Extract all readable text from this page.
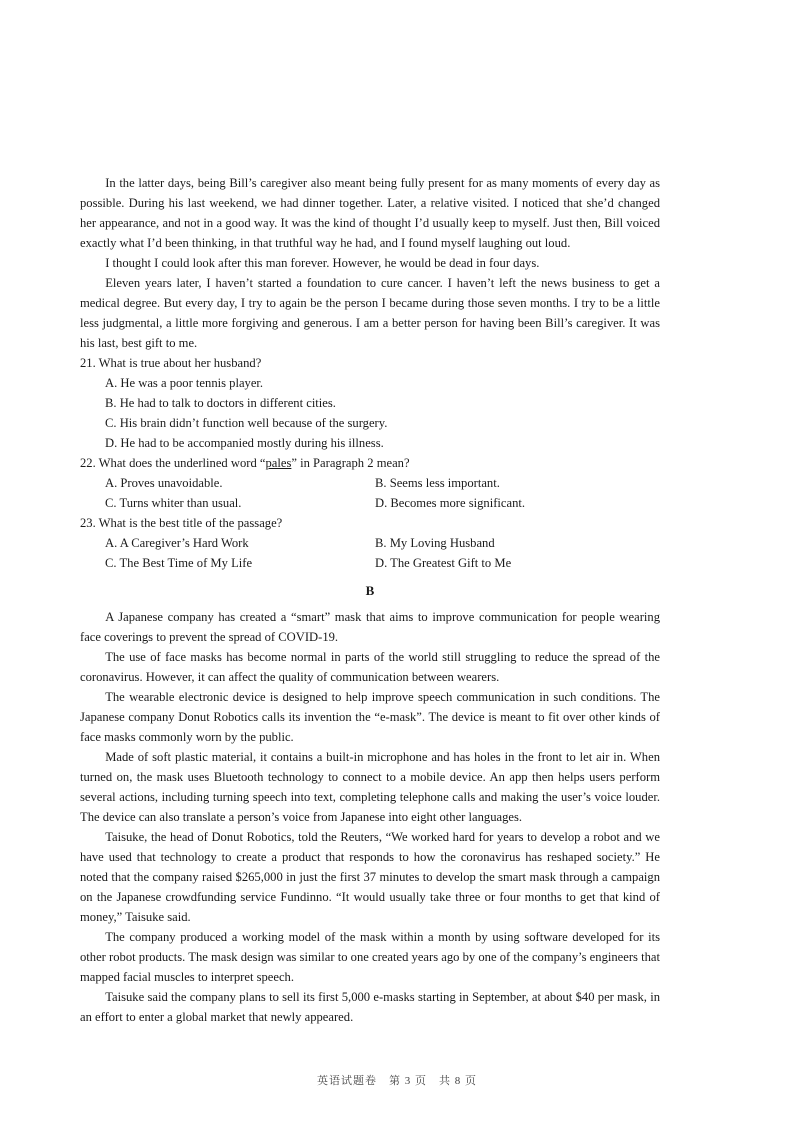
In the latter days, being Bill’s caregiver also meant being fully present for as many moments of every day as possible. During his last weekend, we had dinner together. Later, a relative visited. I noticed that she’d changed her appearance, and not in a good way. It was the kind of thought I’d usually keep to myself. Just then, Bill voiced exactly what I’d been thinking, in that truthful way he had, and I found myself laughing out loud.

I thought I could look after this man forever. However, he would be dead in four days.

Eleven years later, I haven’t started a foundation to cure cancer. I haven’t left the news business to get a medical degree. But every day, I try to again be the person I became during those seven months. I try to be a little less judgmental, a little more forgiving and generous. I am a better person for having been Bill’s caregiver. It was his last, best gift to me.

21. What is true about her husband?

A. He was a poor tennis player.

B. He had to talk to doctors in different cities.

C. His brain didn’t function well because of the surgery.

D. He had to be accompanied mostly during his illness.

22. What does the underlined word “pales” in Paragraph 2 mean?

A. Proves unavoidable.	B. Seems less important.

C. Turns whiter than usual.	D. Becomes more significant.

23. What is the best title of the passage?

A. A Caregiver’s Hard Work	B. My Loving Husband

C. The Best Time of My Life	D. The Greatest Gift to Me

B

A Japanese company has created a “smart” mask that aims to improve communication for people wearing face coverings to prevent the spread of COVID-19.

The use of face masks has become normal in parts of the world still struggling to reduce the spread of the coronavirus. However, it can affect the quality of communication between wearers.

The wearable electronic device is designed to help improve speech communication in such conditions. The Japanese company Donut Robotics calls its invention the “e-mask”. The device is meant to fit over other kinds of face masks commonly worn by the public.

Made of soft plastic material, it contains a built-in microphone and has holes in the front to let air in. When turned on, the mask uses Bluetooth technology to connect to a mobile device. An app then helps users perform several actions, including turning speech into text, completing telephone calls and making the user’s voice louder. The device can also translate a person’s voice from Japanese into eight other languages.

Taisuke, the head of Donut Robotics, told the Reuters, “We worked hard for years to develop a robot and we have used that technology to create a product that responds to how the coronavirus has reshaped society.” He noted that the company raised $265,000 in just the first 37 minutes to develop the smart mask through a campaign on the Japanese crowdfunding service Fundinno. “It would usually take three or four months to get that kind of money,” Taisuke said.

The company produced a working model of the mask within a month by using software developed for its other robot products. The mask design was similar to one created years ago by one of the company’s engineers that mapped facial muscles to interpret speech.

Taisuke said the company plans to sell its first 5,000 e-masks starting in September, at about $40 per mask, in an effort to enter a global market that newly appeared.

英语试题卷　第 3 页　共 8 页
